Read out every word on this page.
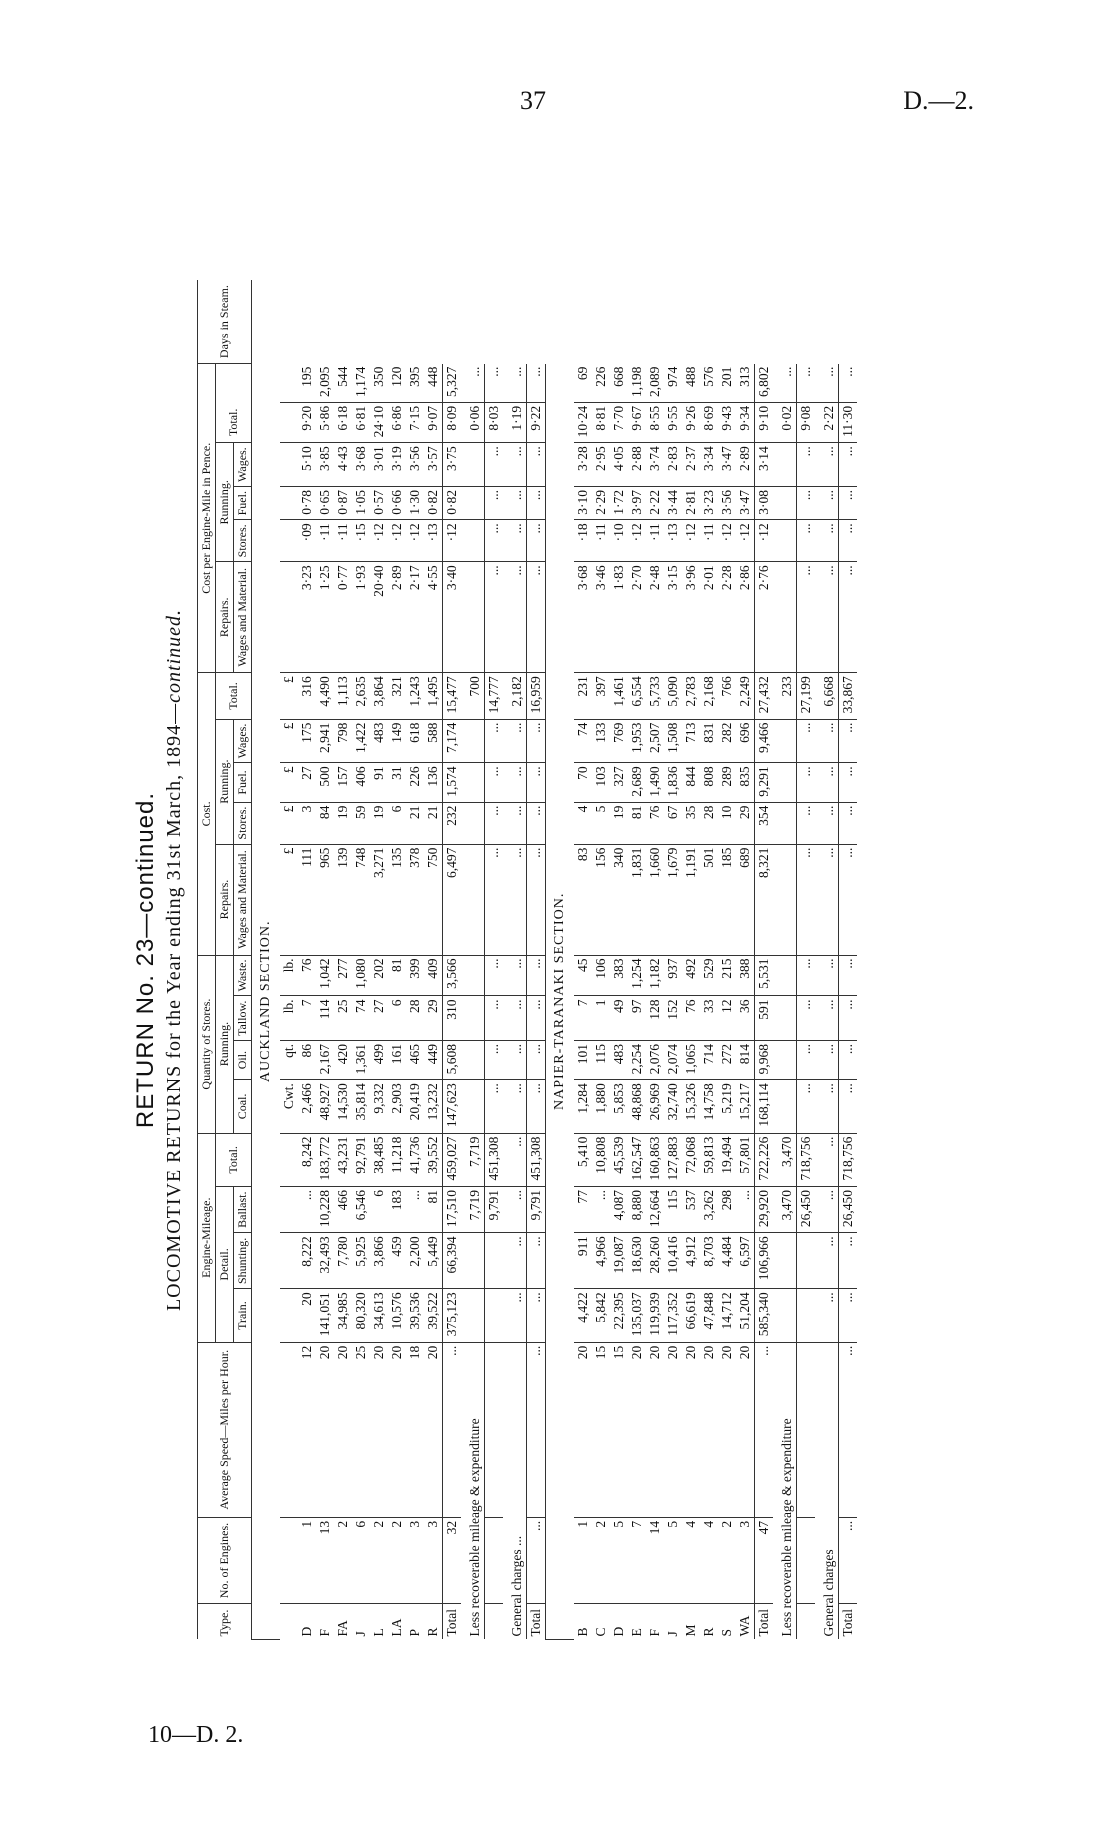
37	D.—2.
RETURN No. 23—continued. LOCOMOTIVE RETURNS for the Year ending 31st March, 1894—continued.
Type.	No. of Engines.	Average Speed—Miles per Hour.	Engine-Mileage.				Quantity of Stores.				Cost.					Cost per Engine-Mile in Pence.						Days in Steam.
			Detail.			Total.	Running.				Repairs.	Running.			Total.	Repairs.	Running.			Total.		
			Train.	Shunting.	Ballast.		Coal.	Oil.	Tallow.	Waste.		Stores.	Fuel.	Wages.			Stores.	Fuel.	Wages.			
											Wages and Material.					Wages and Material.						
AUCKLAND SECTION.																						
							Cwt.	qt.	lb.	lb.	£	£	£	£	£							
D	1	12	20	8,222	...	8,242	2,466	86	7	76	111	3	27	175	316	3·23	·09	0·78	5·10	9·20	195	
F	13	20	141,051	32,493	10,228	183,772	48,927	2,167	114	1,042	965	84	500	2,941	4,490	1·25	·11	0·65	3·85	5·86	2,095	
FA	2	20	34,985	7,780	466	43,231	14,530	420	25	277	139	19	157	798	1,113	0·77	·11	0·87	4·43	6·18	544	
J	6	25	80,320	5,925	6,546	92,791	35,814	1,361	74	1,080	748	59	406	1,422	2,635	1·93	·15	1·05	3·68	6·81	1,174	
L	2	20	34,613	3,866	6	38,485	9,332	499	27	202	3,271	19	91	483	3,864	20·40	·12	0·57	3·01	24·10	350	
LA	2	20	10,576	459	183	11,218	2,903	161	6	81	135	6	31	149	321	2·89	·12	0·66	3·19	6·86	120	
P	3	18	39,536	2,200	...	41,736	20,419	465	28	399	378	21	226	618	1,243	2·17	·12	1·30	3·56	7·15	395	
R	3	20	39,522	5,449	81	39,552	13,232	449	29	409	750	21	136	588	1,495	4·55	·13	0·82	3·57	9·07	448	
Total	32	...	375,123	66,394	17,510	459,027	147,623	5,608	310	3,566	6,497	232	1,574	7,174	15,477	3·40	·12	0·82	3·75	8·09	5,327	
Less recoverable mileage & expenditure					7,719	7,719									700					0·06	...	
					9,791	451,308	...	...	...	...	...	...	...	...	14,777	...	...	...	...	8·03	...	
General charges ...			...	...	...	...	...	...	...	...	...	...	...	...	2,182	...	...	...	...	1·19	...	
Total	...	...	...	...	9,791	451,308	...	...	...	...	...	...	...	...	16,959	...	...	...	...	9·22	...	
NAPIER-TARANAKI SECTION.																						
B	1	20	4,422	911	77	5,410	1,284	101	7	45	83	4	70	74	231	3·68	·18	3·10	3·28	10·24	69	
C	2	15	5,842	4,966	...	10,808	1,880	115	1	106	156	5	103	133	397	3·46	·11	2·29	2·95	8·81	226	
D	5	15	22,395	19,087	4,087	45,539	5,853	483	49	383	340	19	327	769	1,461	1·83	·10	1·72	4·05	7·70	668	
E	7	20	135,037	18,630	8,880	162,547	48,868	2,254	97	1,254	1,831	81	2,689	1,953	6,554	2·70	·12	3·97	2·88	9·67	1,198	
F	14	20	119,939	28,260	12,664	160,863	26,969	2,076	128	1,182	1,660	76	1,490	2,507	5,733	2·48	·11	2·22	3·74	8·55	2,089	
J	5	20	117,352	10,416	115	127,883	32,740	2,074	152	937	1,679	67	1,836	1,508	5,090	3·15	·13	3·44	2·83	9·55	974	
M	4	20	66,619	4,912	537	72,068	15,326	1,065	76	492	1,191	35	844	713	2,783	3·96	·12	2·81	2·37	9·26	488	
R	4	20	47,848	8,703	3,262	59,813	14,758	714	33	529	501	28	808	831	2,168	2·01	·11	3·23	3·34	8·69	576	
S	2	20	14,712	4,484	298	19,494	5,219	272	12	215	185	10	289	282	766	2·28	·12	3·56	3·47	9·43	201	
WA	3	20	51,204	6,597	...	57,801	15,217	814	36	388	689	29	835	696	2,249	2·86	·12	3·47	2·89	9·34	313	
Total	47	...	585,340	106,966	29,920	722,226	168,114	9,968	591	5,531	8,321	354	9,291	9,466	27,432	2·76	·12	3·08	3·14	9·10	6,802	
Less recoverable mileage & expenditure					3,470	3,470									233					0·02	...	
					26,450	718,756	...	...	...	...	...	...	...	...	27,199	...	...	...	...	9·08	...	
General charges			...	...	...	...	...	...	...	...	...	...	...	...	6,668	...	...	...	...	2·22	...	
Total	...	...	...	...	26,450	718,756	...	...	...	...	...	...	...	...	33,867	...	...	...	...	11·30	...	
10—D. 2.
